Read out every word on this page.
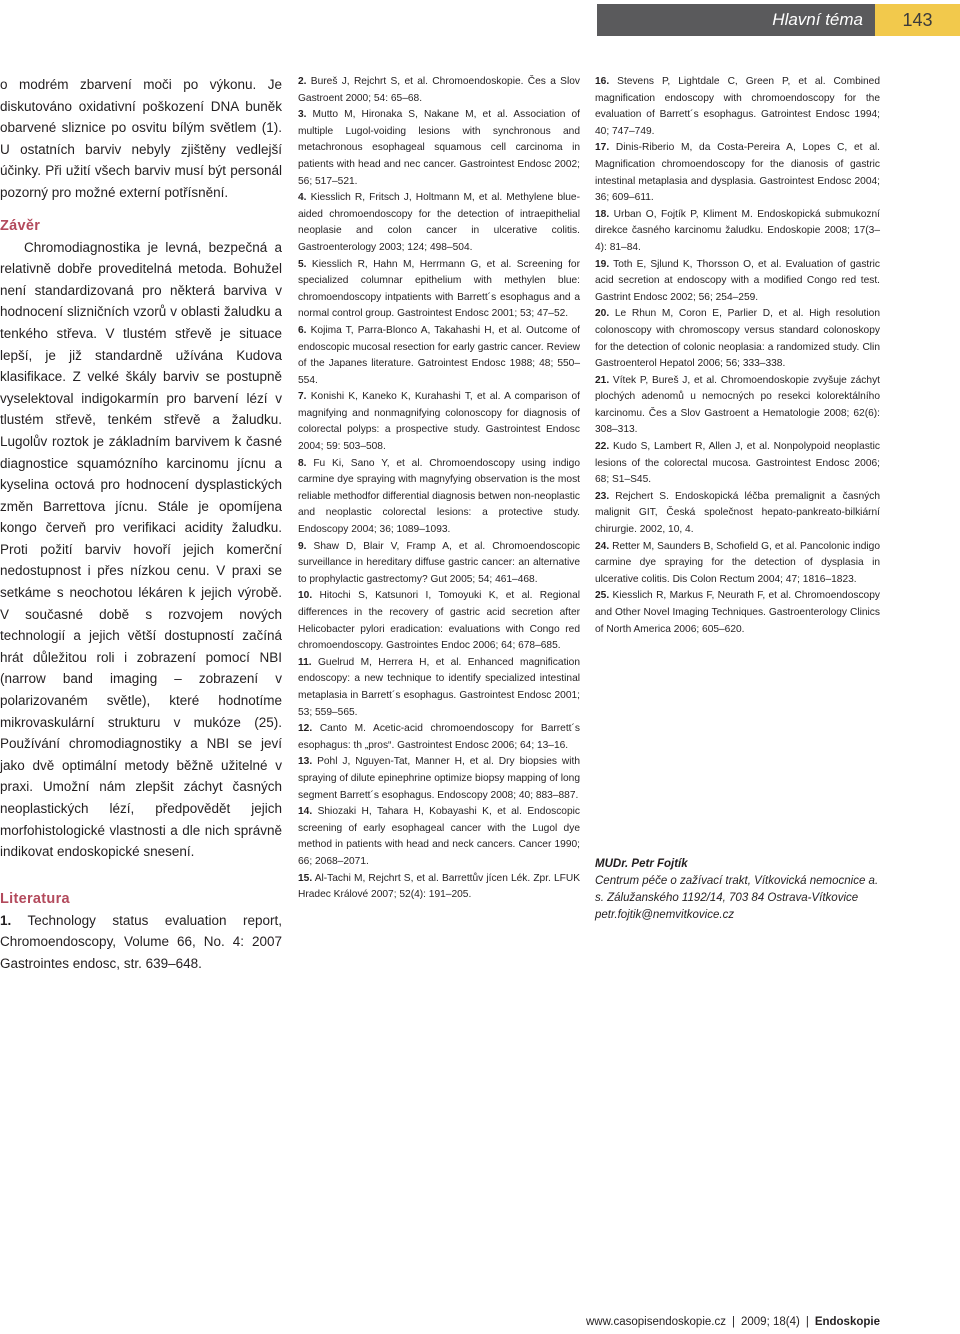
Hlavní téma	143

o modrém zbarvení moči po výkonu. Je diskutováno oxidativní poškození DNA buněk obarvené sliznice po osvitu bílým světlem (1). U ostatních barviv nebyly zjištěny vedlejší účinky. Při užití všech barviv musí být personál pozorný pro možné externí potřísnění.

Závěr

Chromodiagnostika je levná, bezpečná a relativně dobře proveditelná metoda. Bohužel není standardizovaná pro některá barviva v hodnocení slizničních vzorů v oblasti žaludku a tenkého střeva. V tlustém střevě je situace lepší, je již standardně užívána Kudova klasifikace. Z velké škály barviv se postupně vyselektoval indigokarmín pro barvení lézí v tlustém střevě, tenkém střevě a žaludku. Lugolův roztok je základním barvivem k časné diagnostice squamózního karcinomu jícnu a kyselina octová pro hodnocení dysplastických změn Barrettova jícnu. Stále je opomíjena kongo červeň pro verifikaci acidity žaludku. Proti požití barviv hovoří jejich komerční nedostupnost i přes nízkou cenu. V praxi se setkáme s neochotou lékáren k jejich výrobě. V současné době s rozvojem nových technologií a jejich větší dostupností začíná hrát důležitou roli i zobrazení pomocí NBI (narrow band imaging – zobrazení v polarizovaném světle), které hodnotíme mikrovaskulární strukturu v mukóze (25). Používání chromodiagnostiky a NBI se jeví jako dvě optimální metody běžně užitelné v praxi. Umožní nám zlepšit záchyt časných neoplastických lézí, předpovědět jejich morfohistologické vlastnosti a dle nich správně indikovat endoskopické snesení.

Literatura

1. Technology status evaluation report, Chromoendoscopy, Volume 66, No. 4: 2007 Gastrointes endosc, str. 639–648.

2. Bureš J, Rejchrt S, et al. Chromoendoskopie. Čes a Slov Gastroent 2000; 54: 65–68.

3. Mutto M, Hironaka S, Nakane M, et al. Association of multiple Lugol-voiding lesions with synchronous and metachronous esophageal squamous cell carcinoma in patients with head and nec cancer. Gastrointest Endosc 2002; 56; 517–521.

4. Kiesslich R, Fritsch J, Holtmann M, et al. Methylene blue-aided chromoendoscopy for the detection of intraepithelial neoplasie and colon cancer in ulcerative colitis. Gastroenterology 2003; 124; 498–504.

5. Kiesslich R, Hahn M, Herrmann G, et al. Screening for specialized columnar epithelium with methylen blue: chromoendoscopy intpatients with Barrett´s esophagus and a normal control group. Gastrointest Endosc 2001; 53; 47–52.

6. Kojima T, Parra-Blonco A, Takahashi H, et al. Outcome of endoscopic mucosal resection for early gastric cancer. Review of the Japanes literature. Gatrointest Endosc 1988; 48; 550–554.

7. Konishi K, Kaneko K, Kurahashi T, et al. A comparison of magnifying and nonmagnifying colonoscopy for diagnosis of colorectal polyps: a prospective study. Gastrointest Endosc 2004; 59: 503–508.

8. Fu Ki, Sano Y, et al. Chromoendoscopy using indigo carmine dye spraying with magnyfying observation is the most reliable methodfor differential diagnosis betwen non-neoplastic and neoplastic colorectal lesions: a protective study. Endoscopy 2004; 36; 1089–1093.

9. Shaw D, Blair V, Framp A, et al. Chromoendoscopic surveillance in hereditary diffuse gastric cancer: an alternative to prophylactic gastrectomy? Gut 2005; 54; 461–468.

10. Hitochi S, Katsunori I, Tomoyuki K, et al. Regional differences in the recovery of gastric acid secretion after Helicobacter pylori eradication: evaluations with Congo red chromoendoscopy. Gastrointes Endoc 2006; 64; 678–685.

11. Guelrud M, Herrera H, et al. Enhanced magnification endoscopy: a new technique to identify specialized intestinal metaplasia in Barrett´s esophagus. Gastrointest Endosc 2001; 53; 559–565.

12. Canto M. Acetic-acid chromoendoscopy for Barrett´s esophagus: th „pros“. Gastrointest Endosc 2006; 64; 13–16.

13. Pohl J, Nguyen-Tat, Manner H, et al. Dry biopsies with spraying of dilute epinephrine optimize biopsy mapping of long segment Barrett´s esophagus. Endoscopy 2008; 40; 883–887.

14. Shiozaki H, Tahara H, Kobayashi K, et al. Endoscopic screening of early esophageal cancer with the Lugol dye method in patients with head and neck cancers. Cancer 1990; 66; 2068–2071.

15. Al-Tachi M, Rejchrt S, et al. Barrettův jícen Lék. Zpr. LFUK Hradec Králové 2007; 52(4): 191–205.

16. Stevens P, Lightdale C, Green P, et al. Combined magnification endoscopy with chromoendoscopy for the evaluation of Barrett´s esophagus. Gatrointest Endosc 1994; 40; 747–749.

17. Dinis-Riberio M, da Costa-Pereira A, Lopes C, et al. Magnification chromoendoscopy for the dianosis of gastric intestinal metaplasia and dysplasia. Gastrointest Endosc 2004; 36; 609–611.

18. Urban O, Fojtík P, Kliment M. Endoskopická submukozní direkce časného karcinomu žaludku. Endoskopie 2008; 17(3–4): 81–84.

19. Toth E, Sjlund K, Thorsson O, et al. Evaluation of gastric acid secretion at endoscopy with a modified Congo red test. Gastrint Endosc 2002; 56; 254–259.

20. Le Rhun M, Coron E, Parlier D, et al. High resolution colonoscopy with chromoscopy versus standard colonoskopy for the detection of colonic neoplasia: a randomized study. Clin Gastroenterol Hepatol 2006; 56; 333–338.

21. Vítek P, Bureš J, et al. Chromoendoskopie zvyšuje záchyt plochých adenomů u nemocných po resekci kolorektálního karcinomu. Čes a Slov Gastroent a Hematologie 2008; 62(6): 308–313.

22. Kudo S, Lambert R, Allen J, et al. Nonpolypoid neoplastic lesions of the colorectal mucosa. Gastrointest Endosc 2006; 68; S1–S45.

23. Rejchert S. Endoskopická léčba premalignit a časných malignit GIT, Česká společnost hepato-pankreato-bilkiární chirurgie. 2002, 10, 4.

24. Retter M, Saunders B, Schofield G, et al. Pancolonic indigo carmine dye spraying for the detection of dysplasia in ulcerative colitis. Dis Colon Rectum 2004; 47; 1816–1823.

25. Kiesslich R, Markus F, Neurath F, et al. Chromoendoscopy and Other Novel Imaging Techniques. Gastroenterology Clinics of North America 2006; 605–620.

MUDr. Petr Fojtík
Centrum péče o zažívací trakt, Vítkovická nemocnice a. s. Zálužanského 1192/14, 703 84 Ostrava-Vítkovice
petr.fojtik@nemvitkovice.cz
www.casopisendoskopie.cz | 2009; 18(4) | Endoskopie
